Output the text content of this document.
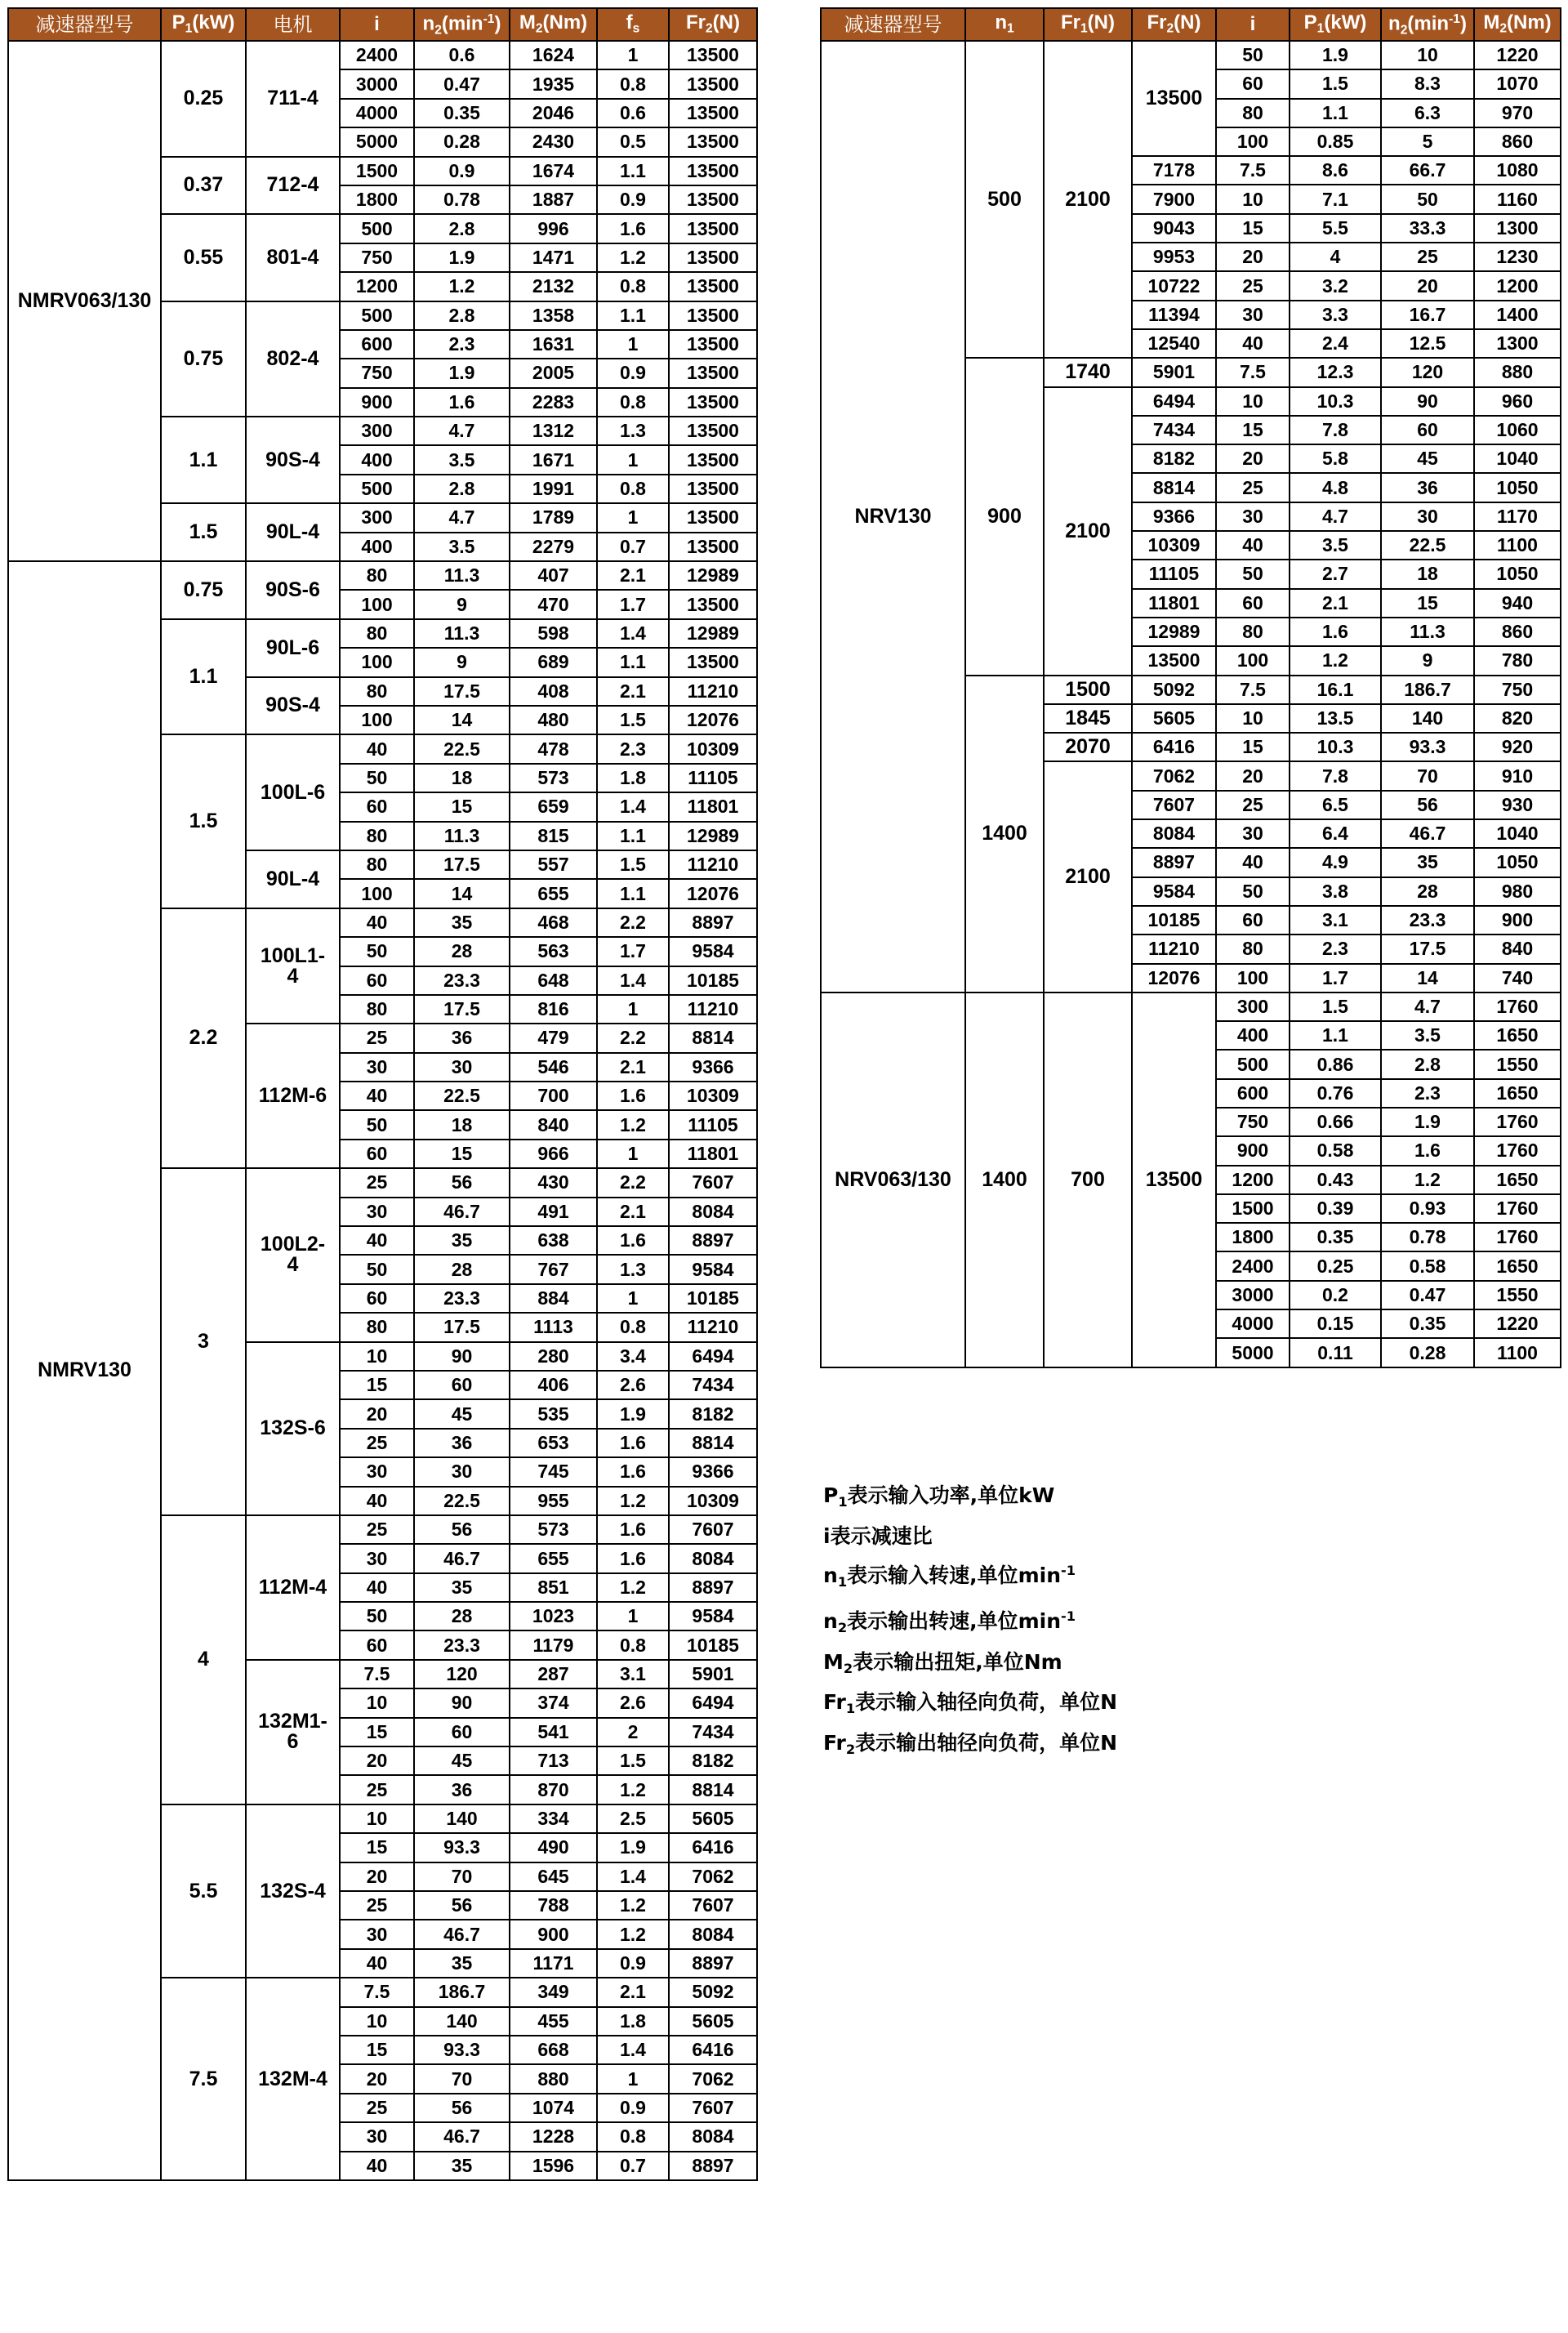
减速器型号	$P_1(kW)$	电机	i	$n_2(\min^{-1})$	$M_2(Nm)$	$f_s$	$Fr_2(N)$
NMRV063/130	0.25	711-4	2400	0.6	1624	1	13500
			3000	0.47	1935	0.8	13500
			4000	0.35	2046	0.6	13500
			5000	0.28	2430	0.5	13500
	0.37	712-4	1500	0.9	1674	1.1	13500
			1800	0.78	1887	0.9	13500
	0.55	801-4	500	2.8	996	1.6	13500
			750	1.9	1471	1.2	13500
			1200	1.2	2132	0.8	13500
	0.75	802-4	500	2.8	1358	1.1	13500
			600	2.3	1631	1	13500
			750	1.9	2005	0.9	13500
			900	1.6	2283	0.8	13500
	1.1	90S-4	300	4.7	1312	1.3	13500
			400	3.5	1671	1	13500
			500	2.8	1991	0.8	13500
	1.5	90L-4	300	4.7	1789	1	13500
			400	3.5	2279	0.7	13500
NMRV130	0.75	90S-6	80	11.3	407	2.1	12989
			100	9	470	1.7	13500
	1.1	90L-6	80	11.3	598	1.4	12989
			100	9	689	1.1	13500
		90S-4	80	17.5	408	2.1	11210
			100	14	480	1.5	12076
	1.5	100L-6	40	22.5	478	2.3	10309
			50	18	573	1.8	11105
			60	15	659	1.4	11801
			80	11.3	815	1.1	12989
		90L-4	80	17.5	557	1.5	11210
			100	14	655	1.1	12076
	2.2	100L1-4	40	35	468	2.2	8897
			50	28	563	1.7	9584
			60	23.3	648	1.4	10185
			80	17.5	816	1	11210
		112M-6	25	36	479	2.2	8814
			30	30	546	2.1	9366
			40	22.5	700	1.6	10309
			50	18	840	1.2	11105
			60	15	966	1	11801
	3	100L2-4	25	56	430	2.2	7607
			30	46.7	491	2.1	8084
			40	35	638	1.6	8897
			50	28	767	1.3	9584
			60	23.3	884	1	10185
			80	17.5	1113	0.8	11210
		132S-6	10	90	280	3.4	6494
			15	60	406	2.6	7434
			20	45	535	1.9	8182
			25	36	653	1.6	8814
			30	30	745	1.6	9366
			40	22.5	955	1.2	10309
	4	112M-4	25	56	573	1.6	7607
			30	46.7	655	1.6	8084
			40	35	851	1.2	8897
			50	28	1023	1	9584
			60	23.3	1179	0.8	10185
		132M1-6	7.5	120	287	3.1	5901
			10	90	374	2.6	6494
			15	60	541	2	7434
			20	45	713	1.5	8182
			25	36	870	1.2	8814
	5.5	132S-4	10	140	334	2.5	5605
			15	93.3	490	1.9	6416
			20	70	645	1.4	7062
			25	56	788	1.2	7607
			30	46.7	900	1.2	8084
			40	35	1171	0.9	8897
	7.5	132M-4	7.5	186.7	349	2.1	5092
			10	140	455	1.8	5605
			15	93.3	668	1.4	6416
			20	70	880	1	7062
			25	56	1074	0.9	7607
			30	46.7	1228	0.8	8084
			40	35	1596	0.7	8897
减速器型号	$n_1$	$Fr_1(N)$	$Fr_2(N)$	i	$P_1(kW)$	$n_2(\min^{-1})$	$M_2(Nm)$
NRV130	500	2100	13500	50	1.9	10	1220
				60	1.5	8.3	1070
				80	1.1	6.3	970
				100	0.85	5	860
			7178	7.5	8.6	66.7	1080
			7900	10	7.1	50	1160
			9043	15	5.5	33.3	1300
			9953	20	4	25	1230
			10722	25	3.2	20	1200
			11394	30	3.3	16.7	1400
			12540	40	2.4	12.5	1300
	900	1740	5901	7.5	12.3	120	880
		2100	6494	10	10.3	90	960
			7434	15	7.8	60	1060
			8182	20	5.8	45	1040
			8814	25	4.8	36	1050
			9366	30	4.7	30	1170
			10309	40	3.5	22.5	1100
			11105	50	2.7	18	1050
			11801	60	2.1	15	940
			12989	80	1.6	11.3	860
			13500	100	1.2	9	780
	1400	1500	5092	7.5	16.1	186.7	750
		1845	5605	10	13.5	140	820
		2070	6416	15	10.3	93.3	920
		2100	7062	20	7.8	70	910
			7607	25	6.5	56	930
			8084	30	6.4	46.7	1040
			8897	40	4.9	35	1050
			9584	50	3.8	28	980
			10185	60	3.1	23.3	900
			11210	80	2.3	17.5	840
			12076	100	1.7	14	740
NRV063/130	1400	700	13500	300	1.5	4.7	1760
				400	1.1	3.5	1650
				500	0.86	2.8	1550
				600	0.76	2.3	1650
				750	0.66	1.9	1760
				900	0.58	1.6	1760
				1200	0.43	1.2	1650
				1500	0.39	0.93	1760
				1800	0.35	0.78	1760
				2400	0.25	0.58	1650
				3000	0.2	0.47	1550
				4000	0.15	0.35	1220
				5000	0.11	0.28	1100
$P_1$表示输入功率,单位kW
i表示减速比
$n_1$表示输入转速,单位$\min^{-1}$
$n_2$表示输出转速,单位$\min^{-1}$
$M_2$表示输出扭矩,单位Nm
$Fr_1$表示输入轴径向负荷，单位N
$Fr_2$表示输出轴径向负荷，单位N
